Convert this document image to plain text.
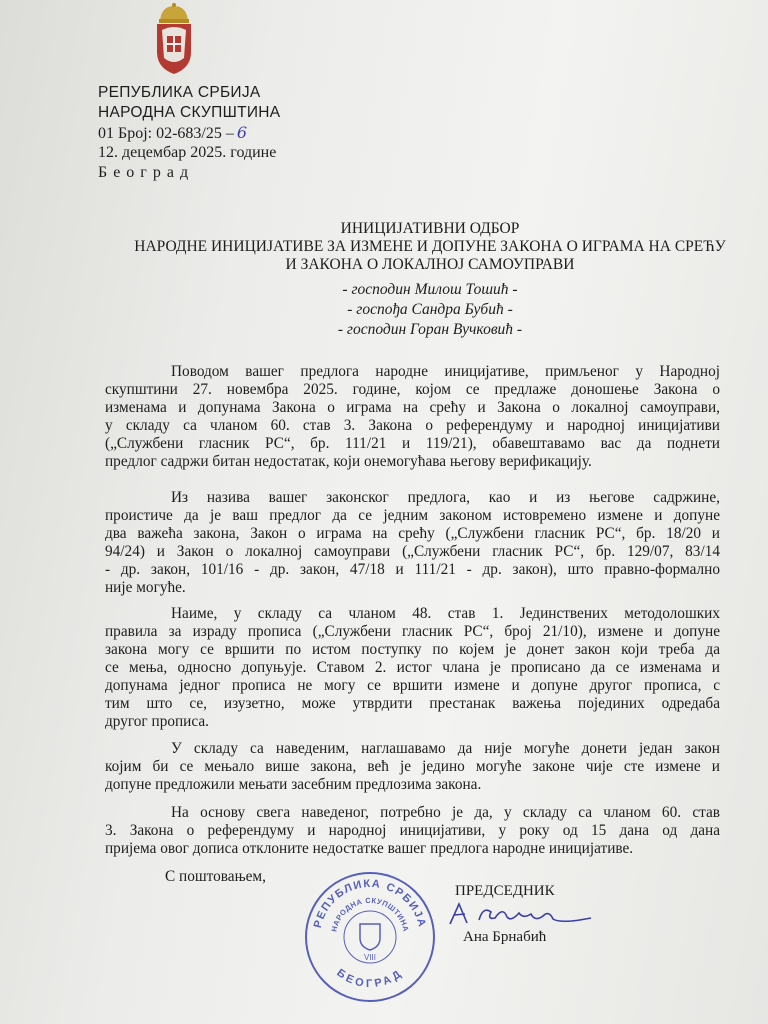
РЕПУБЛИКА СРБИЈА
НАРОДНА СКУПШТИНА
01 Број: 02-683/25 – 6
12. децембар 2025. године
Б е о г р а д
ИНИЦИЈАТИВНИ ОДБОР
НАРОДНЕ ИНИЦИЈАТИВЕ ЗА ИЗМЕНЕ И ДОПУНЕ ЗАКОНА О ИГРАМА НА СРЕЋУ
И ЗАКОНА О ЛОКАЛНОЈ САМОУПРАВИ
- господин Милош Тошић -
- госпођа Сандра Бубић -
- господин Горан Вучковић -
Поводом вашег предлога народне иницијативе, примљеног у Народној
скупштини 27. новембра 2025. године, којом се предлаже доношење Закона о
изменама и допунама Закона о играма на срећу и Закона о локалној самоуправи,
у складу са чланом 60. став 3. Закона о референдуму и народној иницијативи
(„Службени гласник РС“, бр. 111/21 и 119/21), обавештавамо вас да поднети
предлог садржи битан недостатак, који онемогућава његову верификацију.
Из назива вашег законског предлога, као и из његове садржине,
проистиче да је ваш предлог да се једним законом истовремено измене и допуне
два важећа закона, Закон о играма на срећу („Службени гласник РС“, бр. 18/20 и
94/24) и Закон о локалној самоуправи („Службени гласник РС“, бр. 129/07, 83/14
- др. закон, 101/16 - др. закон, 47/18 и 111/21 - др. закон), што правно-формално
није могуће.
Наиме, у складу са чланом 48. став 1. Јединствених методолошких
правила за израду прописа („Службени гласник РС“, број 21/10), измене и допуне
закона могу се вршити по истом поступку по којем је донет закон који треба да
се мења, односно допуњује. Ставом 2. истог члана је прописано да се изменама и
допунама једног прописа не могу се вршити измене и допуне другог прописа, с
тим што се, изузетно, може утврдити престанак важења појединих одредаба
другог прописа.
У складу са наведеним, наглашавамо да није могуће донети један закон
којим би се мењало више закона, већ је једино могуће законе чије сте измене и
допуне предложили мењати засебним предлозима закона.
На основу свега наведеног, потребно је да, у складу са чланом 60. став
3. Закона о референдуму и народној иницијативи, у року од 15 дана од дана
пријема овог дописа отклоните недостатке вашег предлога народне иницијативе.
С поштовањем,
РЕПУБЛИКА СРБИЈА
НАРОДНА СКУПШТИНА
БЕОГРАД
VIII
ПРЕДСЕДНИК
Ана Брнабић
